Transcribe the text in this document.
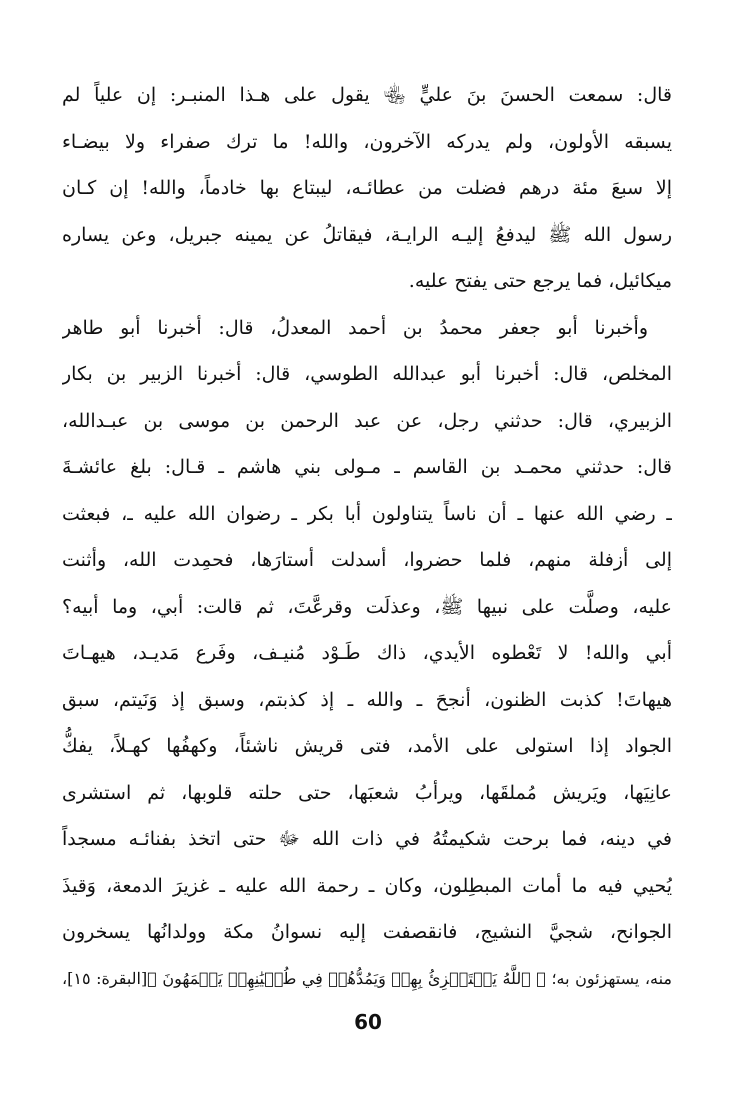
قال: سمعت الحسنَ بنَ عليٍّ ﵄ يقول على هـذا المنبـر: إن علياً لم
يسبقه الأولون، ولم يدركه الآخرون، والله! ما ترك صفراء ولا بيضـاء
إلا سبعَ مئة درهم فضلت من عطائـه، ليبتاع بها خادماً، والله! إن كـان
رسول الله ﷺ ليدفعُ إليـه الرايـة، فيقاتلُ عن يمينه جبريل، وعن يساره
ميكائيل، فما يرجع حتى يفتح عليه.
وأخبرنا أبو جعفر محمدُ بن أحمد المعدلُ، قال: أخبرنا أبو طاهر
المخلص، قال: أخبرنا أبو عبدالله الطوسي، قال: أخبرنا الزبير بن بكار
الزبيري، قال: حدثني رجل، عن عبد الرحمن بن موسى بن عبـدالله،
قال: حدثني محمـد بن القاسم ـ مـولى بني هاشم ـ قـال: بلغ عائشـةَ
ـ رضي الله عنها ـ أن ناساً يتناولون أبا بكر ـ رضوان الله عليه ـ، فبعثت
إلى أزفلة منهم، فلما حضروا، أسدلت أستارَها، فحمِدت الله، وأثنت
عليه، وصلَّت على نبيها ﷺ، وعذلَت وقرعَّتَ، ثم قالت: أبي، وما أبيه؟
أبي والله! لا تَعْطوه الأيدي، ذاك طَـوْد مُنيـف، وفَرع مَديـد، هيهـاتَ
هيهاتَ! كذبت الظنون، أنجحَ ـ والله ـ إذ كذبتم، وسبق إذ وَنَيتم، سبق
الجواد إذا استولى على الأمد، فتى قريش ناشئاً، وكهفُها كهـلاً، يفكُّ
عانِيَها، ويَريش مُملقَها، ويرأبُ شعبَها، حتى حلته قلوبها، ثم استشرى
في دينه، فما برحت شكيمتُهُ في ذات الله ﷻ حتى اتخذ بفنائـه مسجداً
يُحيي فيه ما أمات المبطِلون، وكان ـ رحمة الله عليه ـ غزيرَ الدمعة، وَقيذَ
الجوانح، شجيَّ النشيج، فانقصفت إليه نسوانُ مكة وولدانُها يسخرون
منه، يستهزئون به؛ ﴿ ٱللَّهُ يَسۡتَهۡزِئُ بِهِمۡ وَيَمُدُّهُمۡ فِي طُغۡيَٰنِهِمۡ يَعۡمَهُونَ ﴾[البقرة: ١٥]،
60
